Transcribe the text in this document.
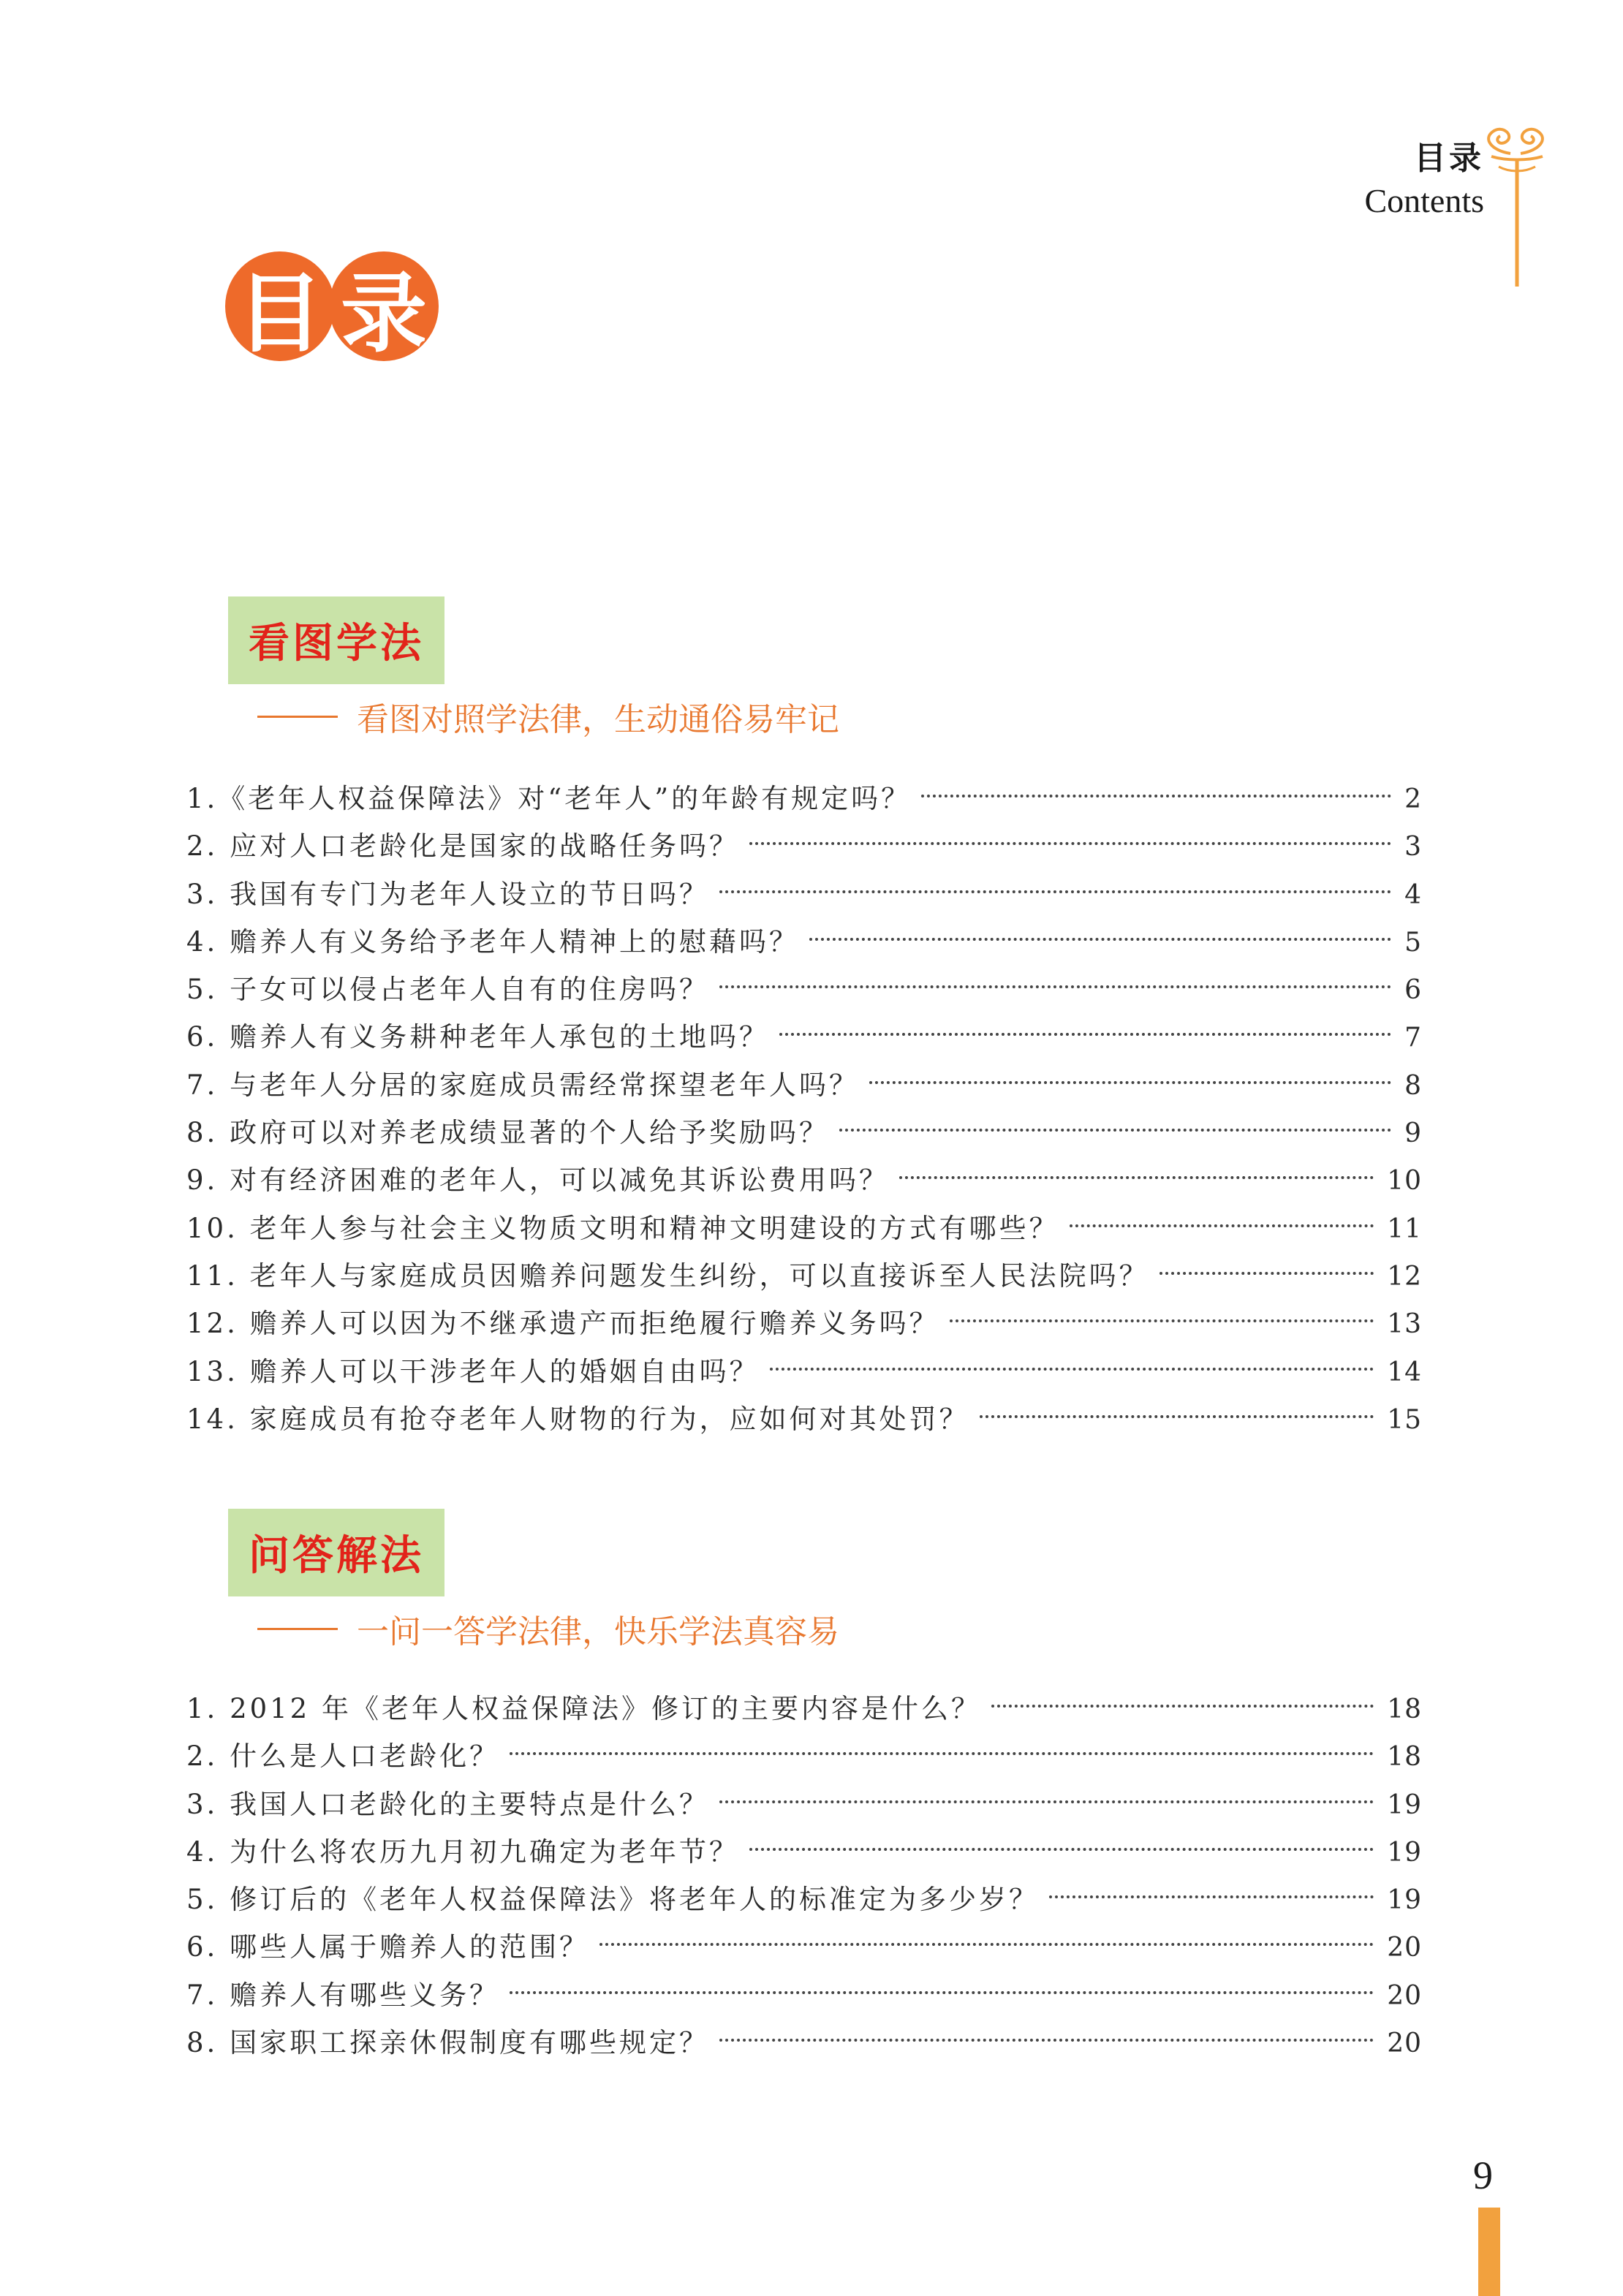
目录
Contents
目 录
看图学法
看图对照学法律，生动通俗易牢记
1.《老年人权益保障法》对“老年人”的年龄有规定吗？	2
2. 应对人口老龄化是国家的战略任务吗？	3
3. 我国有专门为老年人设立的节日吗？	4
4. 赡养人有义务给予老年人精神上的慰藉吗？	5
5. 子女可以侵占老年人自有的住房吗？	6
6. 赡养人有义务耕种老年人承包的土地吗？	7
7. 与老年人分居的家庭成员需经常探望老年人吗？	8
8. 政府可以对养老成绩显著的个人给予奖励吗？	9
9. 对有经济困难的老年人，可以减免其诉讼费用吗？	10
10. 老年人参与社会主义物质文明和精神文明建设的方式有哪些？	11
11. 老年人与家庭成员因赡养问题发生纠纷，可以直接诉至人民法院吗？	12
12. 赡养人可以因为不继承遗产而拒绝履行赡养义务吗？	13
13. 赡养人可以干涉老年人的婚姻自由吗？	14
14. 家庭成员有抢夺老年人财物的行为，应如何对其处罚？	15
问答解法
一问一答学法律，快乐学法真容易
1. 2012 年《老年人权益保障法》修订的主要内容是什么？	18
2. 什么是人口老龄化？	18
3. 我国人口老龄化的主要特点是什么？	19
4. 为什么将农历九月初九确定为老年节？	19
5. 修订后的《老年人权益保障法》将老年人的标准定为多少岁？	19
6. 哪些人属于赡养人的范围？	20
7. 赡养人有哪些义务？	20
8. 国家职工探亲休假制度有哪些规定？	20
9
